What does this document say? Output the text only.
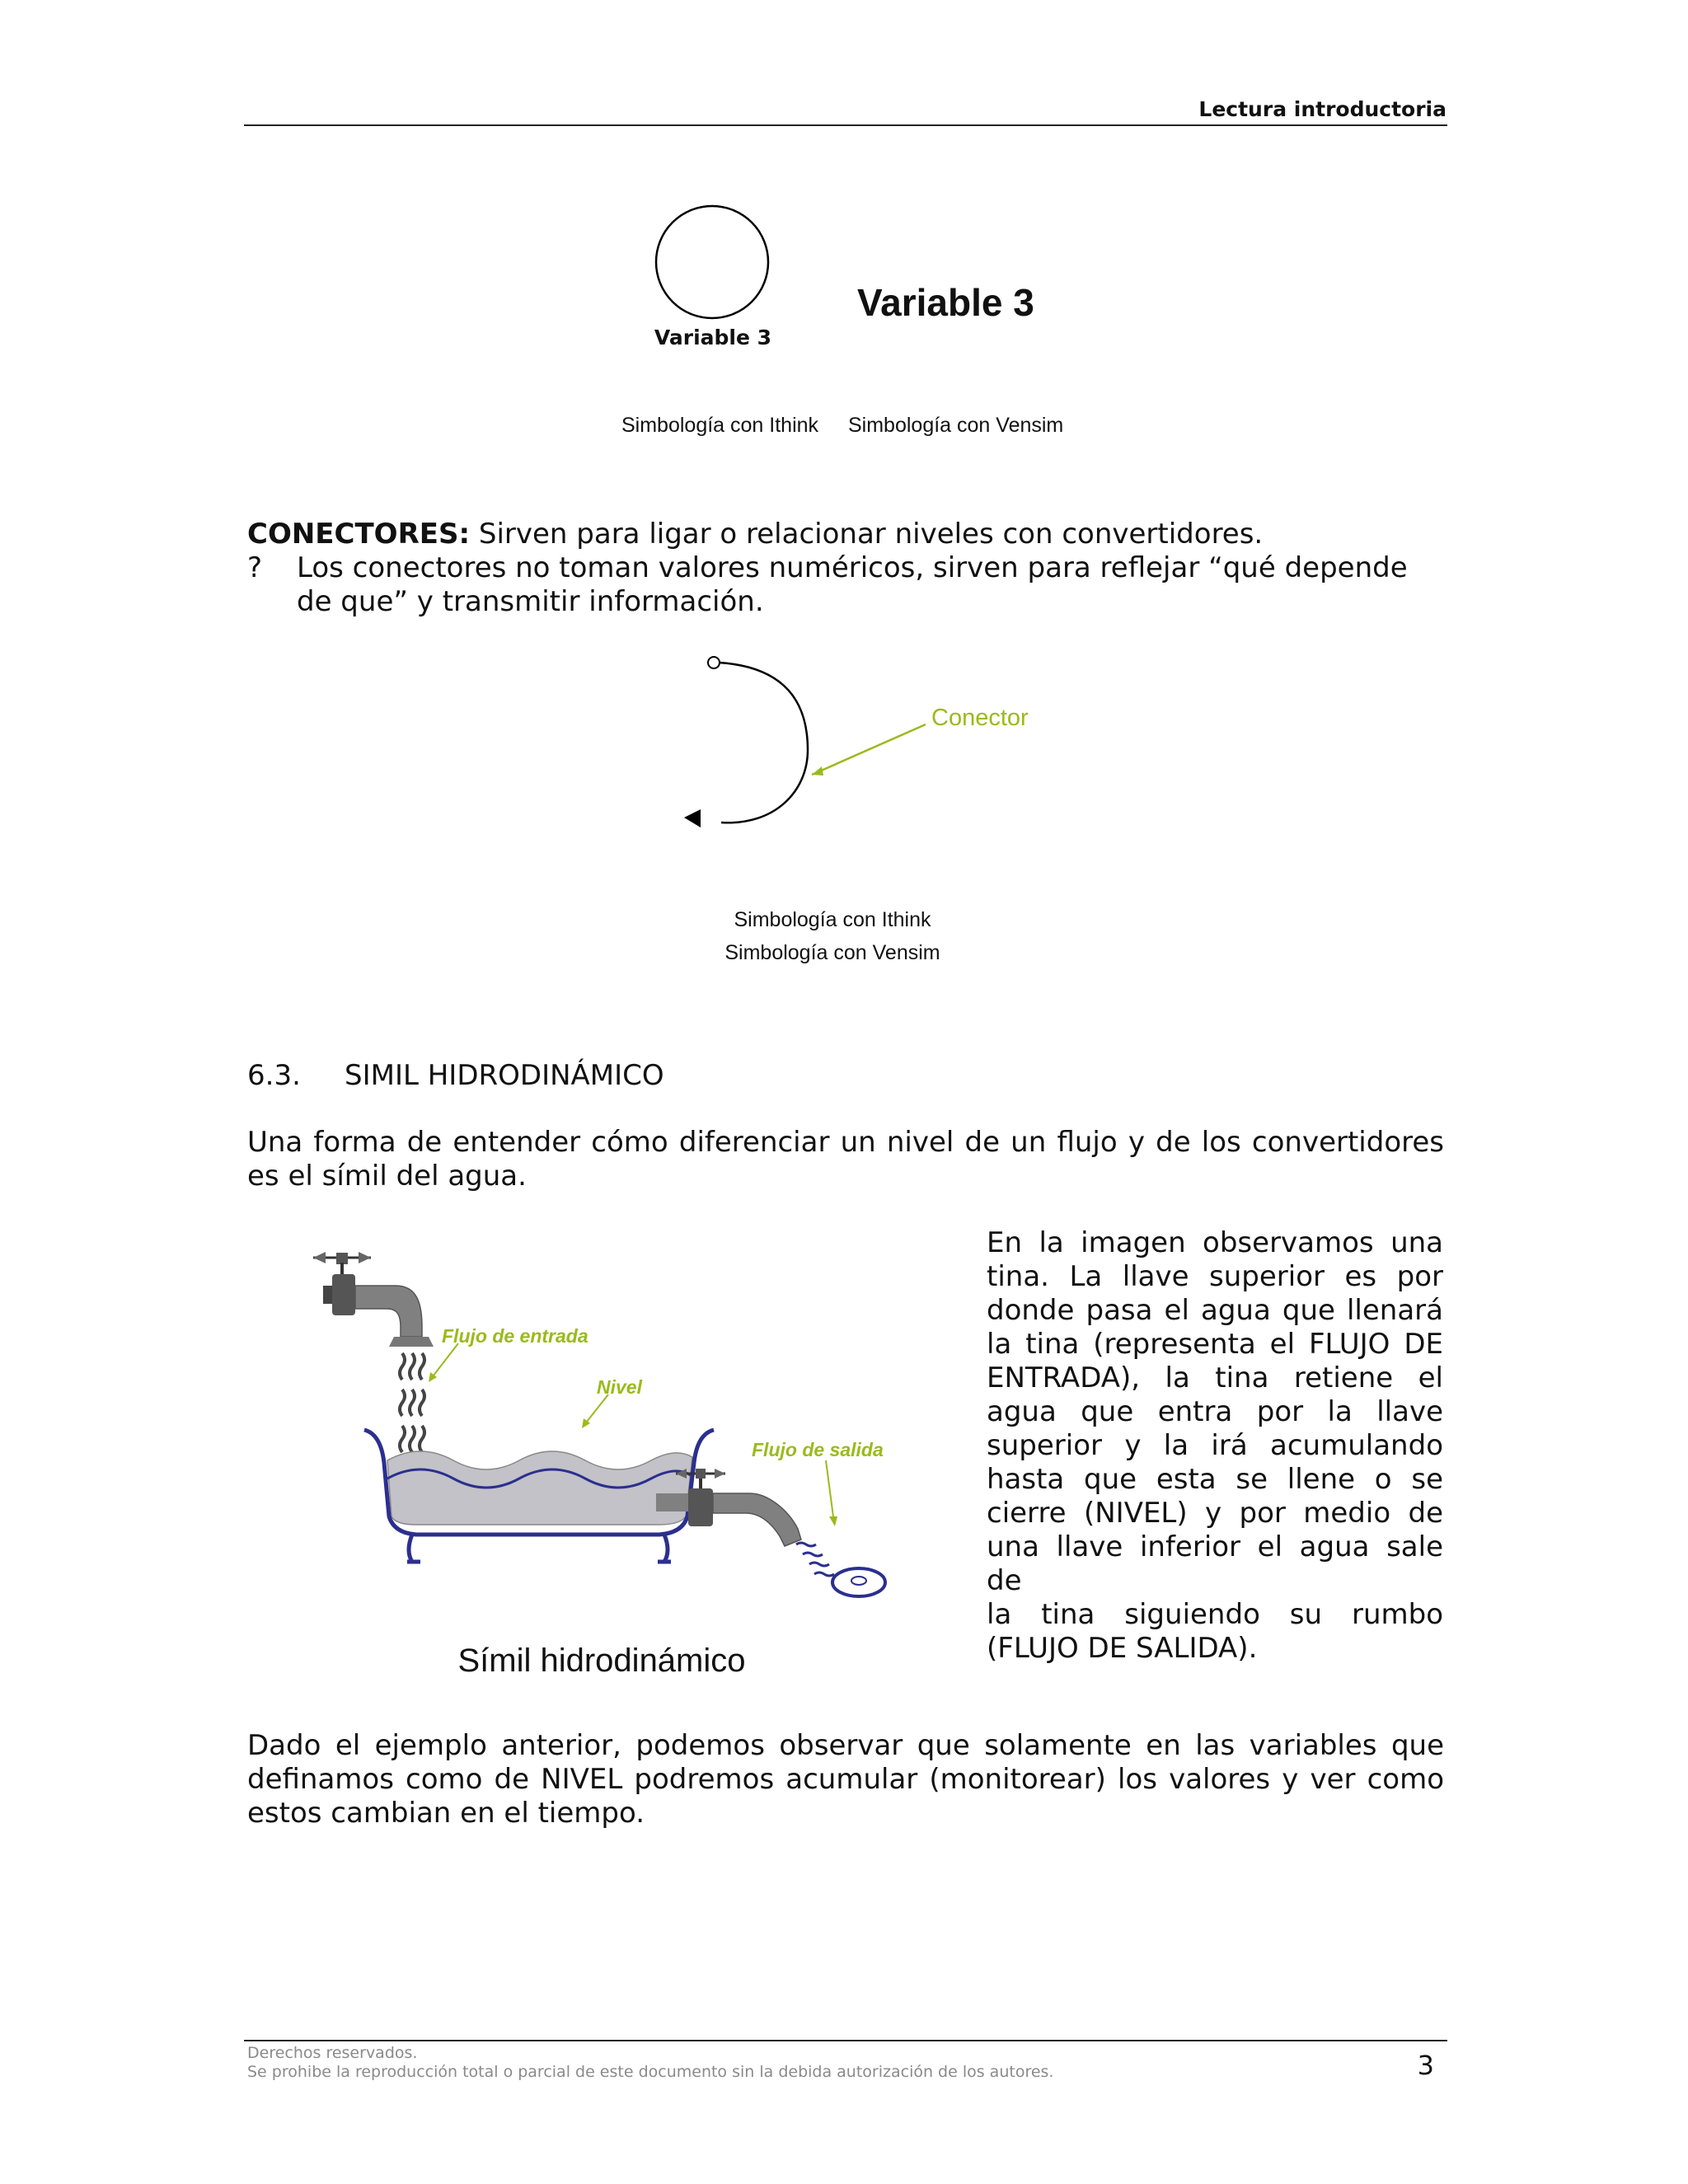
Lectura introductoria
Variable 3
Variable 3
Simbología con Ithink Simbología con Vensim
CONECTORES: Sirven para ligar o relacionar niveles con convertidores.
? Los conectores no toman valores numéricos, sirven para reflejar “qué depende
de que” y transmitir información.
Conector
Simbología con Ithink
Simbología con Vensim
6.3. SIMIL HIDRODINÁMICO
Una forma de entender cómo diferenciar un nivel de un flujo y de los convertidores
es el símil del agua.
Flujo de entrada
Nivel
Flujo de salida
Símil hidrodinámico
En la imagen observamos una
tina. La llave superior es por
donde pasa el agua que llenará
la tina (representa el FLUJO DE
ENTRADA), la tina retiene el
agua que entra por la llave
superior y la irá acumulando
hasta que esta se llene o se
cierre (NIVEL) y por medio de
una llave inferior el agua sale de
la tina siguiendo su rumbo
(FLUJO DE SALIDA).
Dado el ejemplo anterior, podemos observar que solamente en las variables que
definamos como de NIVEL podremos acumular (monitorear) los valores y ver como
estos cambian en el tiempo.
Derechos reservados.
Se prohibe la reproducción total o parcial de este documento sin la debida autorización de los autores.	3
